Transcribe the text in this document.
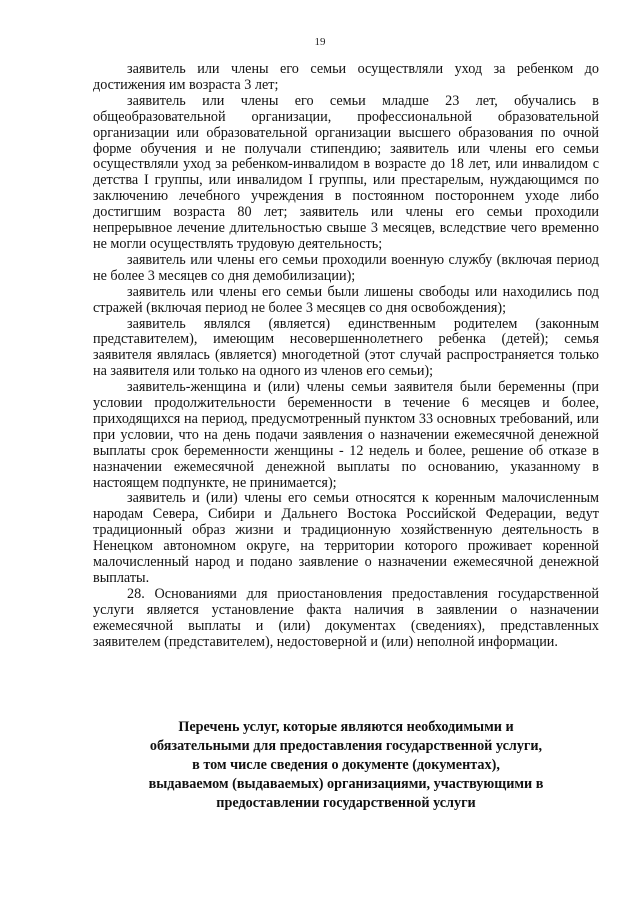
19

заявитель или члены его семьи осуществляли уход за ребенком до достижения им возраста 3 лет;

заявитель или члены его семьи младше 23 лет, обучались в общеобразовательной организации, профессиональной образовательной организации или образовательной организации высшего образования по очной форме обучения и не получали стипендию; заявитель или члены его семьи осуществляли уход за ребенком-инвалидом в возрасте до 18 лет, или инвалидом с детства I группы, или инвалидом I группы, или престарелым, нуждающимся по заключению лечебного учреждения в постоянном постороннем уходе либо достигшим возраста 80 лет; заявитель или члены его семьи проходили непрерывное лечение длительностью свыше 3 месяцев, вследствие чего временно не могли осуществлять трудовую деятельность;

заявитель или члены его семьи проходили военную службу (включая период не более 3 месяцев со дня демобилизации);

заявитель или члены его семьи были лишены свободы или находились под стражей (включая период не более 3 месяцев со дня освобождения);

заявитель являлся (является) единственным родителем (законным представителем), имеющим несовершеннолетнего ребенка (детей); семья заявителя являлась (является) многодетной (этот случай распространяется только на заявителя или только на одного из членов его семьи);

заявитель-женщина и (или) члены семьи заявителя были беременны (при условии продолжительности беременности в течение 6 месяцев и более, приходящихся на период, предусмотренный пунктом 33 основных требований, или при условии, что на день подачи заявления о назначении ежемесячной денежной выплаты срок беременности женщины - 12 недель и более, решение об отказе в назначении ежемесячной денежной выплаты по основанию, указанному в настоящем подпункте, не принимается);

заявитель и (или) члены его семьи относятся к коренным малочисленным народам Севера, Сибири и Дальнего Востока Российской Федерации, ведут традиционный образ жизни и традиционную хозяйственную деятельность в Ненецком автономном округе, на территории которого проживает коренной малочисленный народ и подано заявление о назначении ежемесячной денежной выплаты.

28. Основаниями для приостановления предоставления государственной услуги является установление факта наличия в заявлении о назначении ежемесячной выплаты и (или) документах (сведениях), представленных заявителем (представителем), недостоверной и (или) неполной информации.

Перечень услуг, которые являются необходимыми и
обязательными для предоставления государственной услуги,
в том числе сведения о документе (документах),
выдаваемом (выдаваемых) организациями, участвующими в
предоставлении государственной услуги
